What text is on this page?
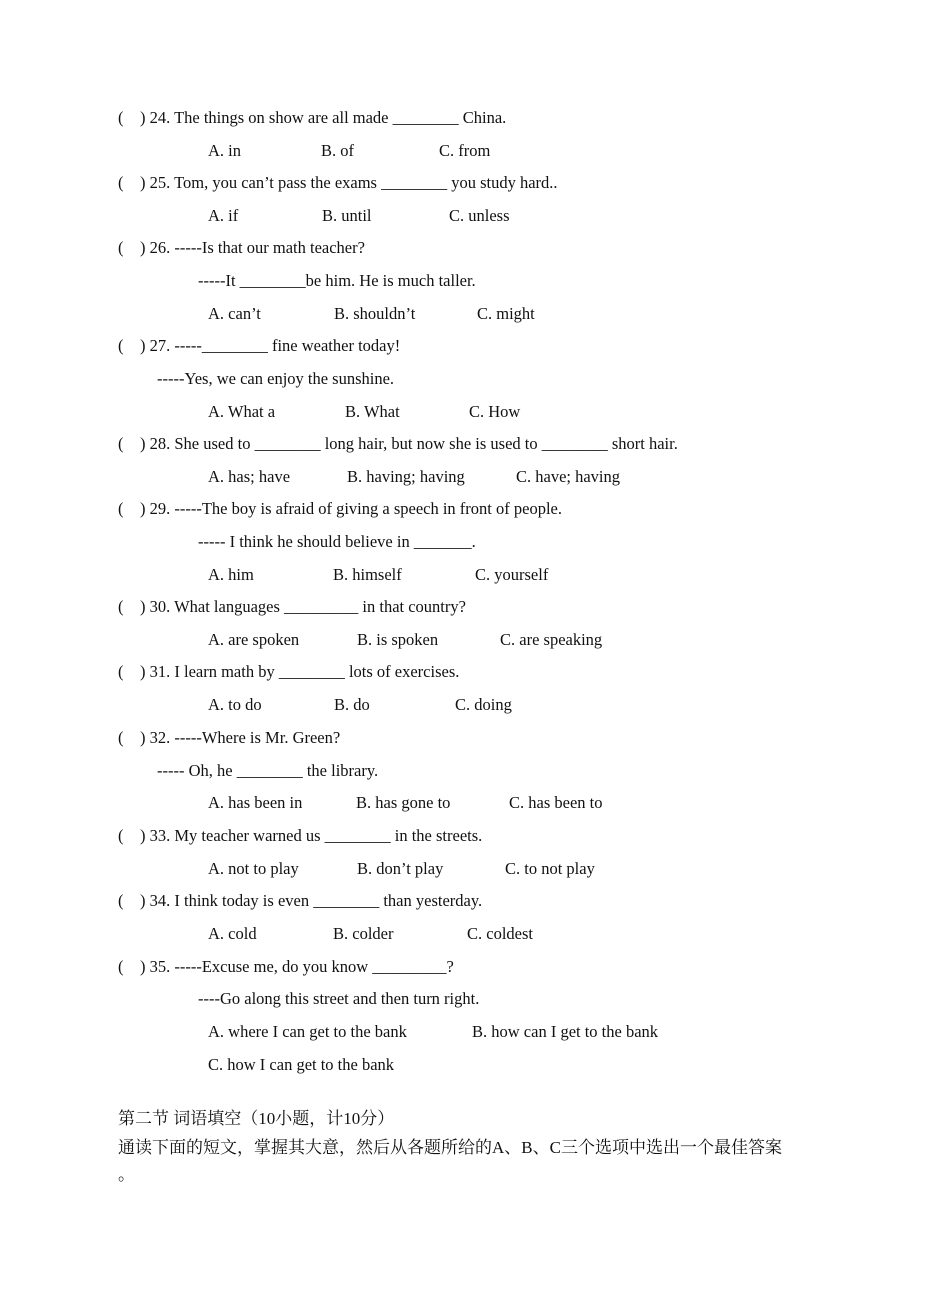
(    ) 24. The things on show are all made ________ China.
A. in	B. of	C. from
(    ) 25. Tom, you can’t pass the exams ________ you study hard..
A. if	B. until	C. unless
(    ) 26. -----Is that our math teacher?
-----It ________be him. He is much taller.
A. can’t	B. shouldn’t	C. might
(    ) 27. -----________ fine weather today!
-----Yes, we can enjoy the sunshine.
A. What a	B. What	C. How
(    ) 28. She used to ________ long hair, but now she is used to ________ short hair.
A. has; have	B. having; having	C. have; having
(    ) 29. -----The boy is afraid of giving a speech in front of people.
----- I think he should believe in _______.
A. him	B. himself	C. yourself
(    ) 30. What languages _________ in that country?
A. are spoken	B. is spoken	C. are speaking
(    ) 31. I learn math by ________ lots of exercises.
A. to do	B. do	C. doing
(    ) 32. -----Where is Mr. Green?
----- Oh, he ________ the library.
A. has been in	B. has gone to	C. has been to
(    ) 33. My teacher warned us ________ in the streets.
A. not to play	B. don’t play	C. to not play
(    ) 34. I think today is even ________ than yesterday.
A. cold	B. colder	C. coldest
(    ) 35. -----Excuse me, do you know _________?
----Go along this street and then turn right.
A. where I can get to the bank	B. how can I get to the bank
C. how I can get to the bank
第二节 词语填空（10小题，计10分）
通读下面的短文，掌握其大意，然后从各题所给的A、B、C三个选项中选出一个最佳答案
。
